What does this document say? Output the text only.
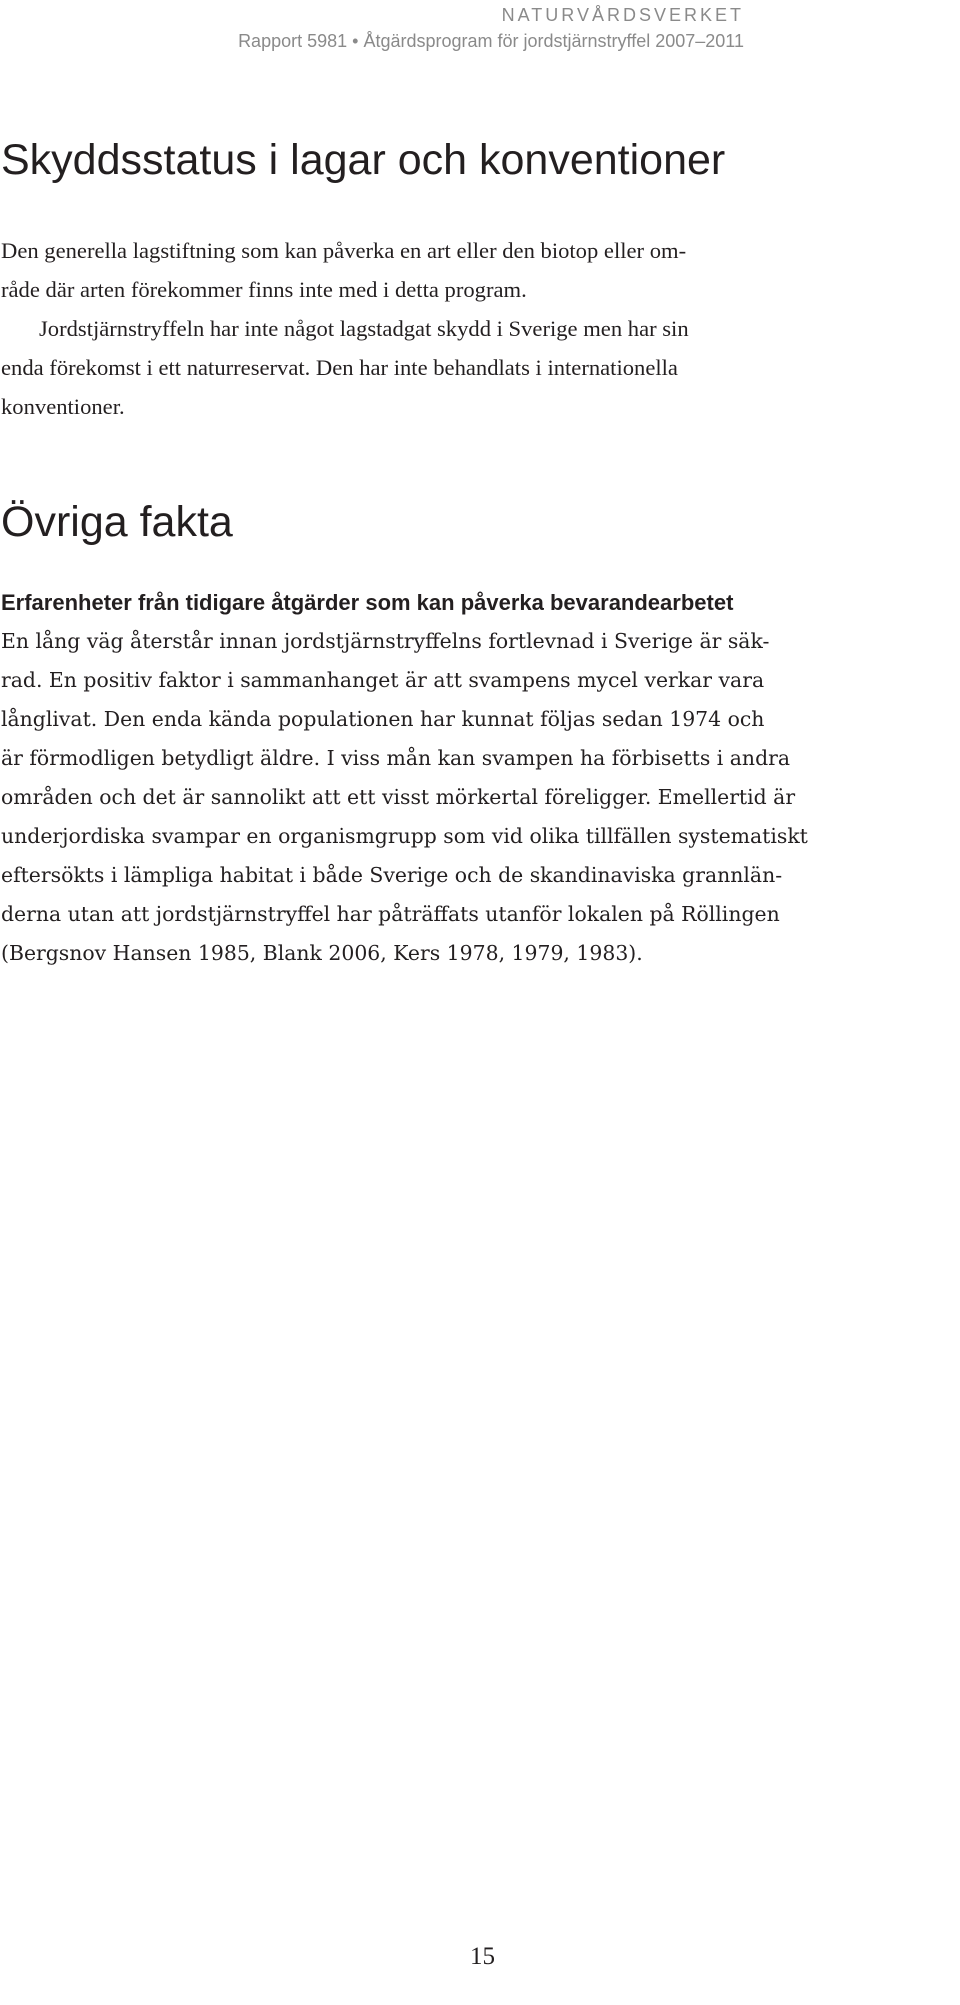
NATURVÅRDSVERKET
Rapport 5981 • Åtgärdsprogram för jordstjärnstryffel 2007–2011
Skyddsstatus i lagar och konventioner
Den generella lagstiftning som kan påverka en art eller den biotop eller om-
råde där arten förekommer finns inte med i detta program.
Jordstjärnstryffeln har inte något lagstadgat skydd i Sverige men har sin
enda förekomst i ett naturreservat. Den har inte behandlats i internationella
konventioner.
Övriga fakta
Erfarenheter från tidigare åtgärder som kan påverka bevarandearbetet
En lång väg återstår innan jordstjärnstryffelns fortlevnad i Sverige är säk-
rad. En positiv faktor i sammanhanget är att svampens mycel verkar vara
långlivat. Den enda kända populationen har kunnat följas sedan 1974 och
är förmodligen betydligt äldre. I viss mån kan svampen ha förbisetts i andra
områden och det är sannolikt att ett visst mörkertal föreligger. Emellertid är
underjordiska svampar en organismgrupp som vid olika tillfällen systematiskt
eftersökts i lämpliga habitat i både Sverige och de skandinaviska grannlän-
derna utan att jordstjärnstryffel har påträffats utanför lokalen på Röllingen
(Bergsnov Hansen 1985, Blank 2006, Kers 1978, 1979, 1983).
15
